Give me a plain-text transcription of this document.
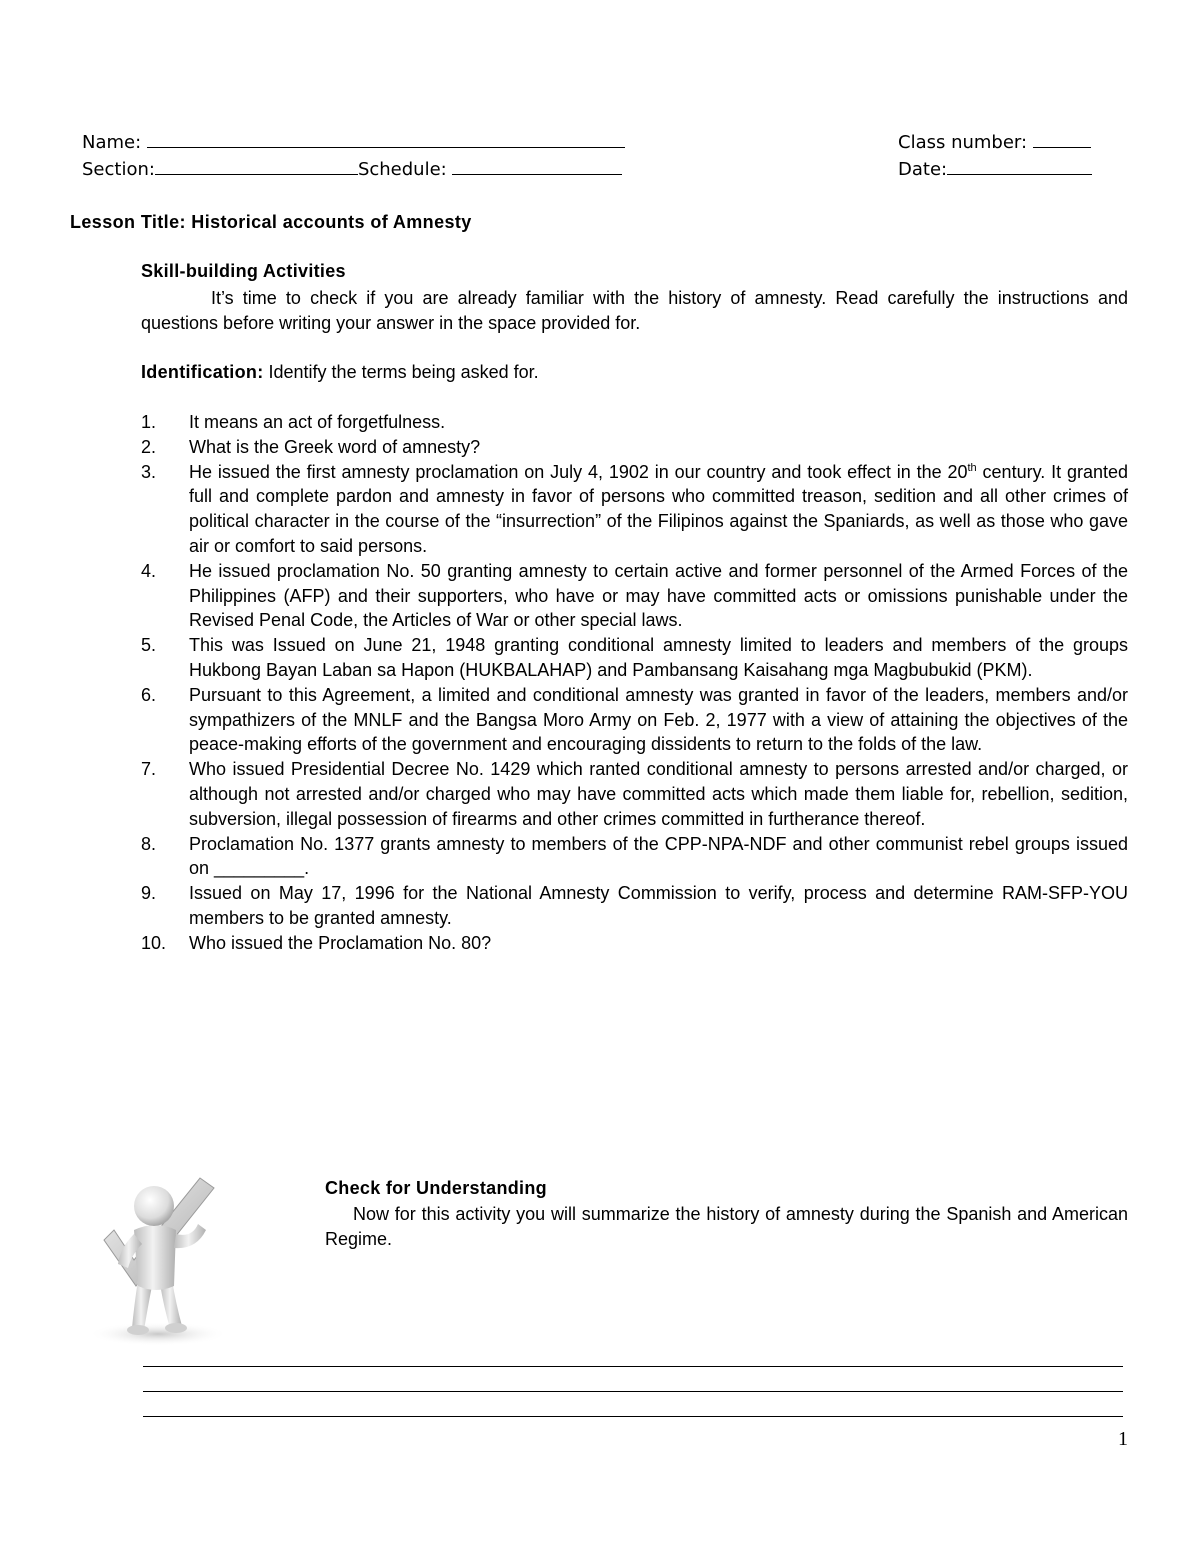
Name:
Section:	Schedule:
Class number:
Date:
Lesson Title: Historical accounts of Amnesty
Skill-building Activities
It’s time to check if you are already familiar with the history of amnesty. Read carefully the instructions and questions before writing your answer in the space provided for.
Identification: Identify the terms being asked for.
1.	It means an act of forgetfulness.
2.	What is the Greek word of amnesty?
3.	He issued the first amnesty proclamation on July 4, 1902 in our country and took effect in the 20th century. It granted full and complete pardon and amnesty in favor of persons who committed treason, sedition and all other crimes of political character in the course of the “insurrection” of the Filipinos against the Spaniards, as well as those who gave air or comfort to said persons.
4.	He issued proclamation No. 50 granting amnesty to certain active and former personnel of the Armed Forces of the Philippines (AFP) and their supporters, who have or may have committed acts or omissions punishable under the Revised Penal Code, the Articles of War or other special laws.
5.	This was Issued on June 21, 1948 granting conditional amnesty limited to leaders and members of the groups Hukbong Bayan Laban sa Hapon (HUKBALAHAP) and Pambansang Kaisahang mga Magbubukid (PKM).
6.	Pursuant to this Agreement, a limited and conditional amnesty was granted in favor of the leaders, members and/or sympathizers of the MNLF and the Bangsa Moro Army on Feb. 2, 1977 with a view of attaining the objectives of the peace-making efforts of the government and encouraging dissidents to return to the folds of the law.
7.	Who issued Presidential Decree No. 1429 which ranted conditional amnesty to persons arrested and/or charged, or although not arrested and/or charged who may have committed acts which made them liable for, rebellion, sedition, subversion, illegal possession of firearms and other crimes committed in furtherance thereof.
8.	Proclamation No. 1377 grants amnesty to members of the CPP-NPA-NDF and other communist rebel groups issued on _________.
9.	Issued on May 17, 1996 for the National Amnesty Commission to verify, process and determine RAM-SFP-YOU members to be granted amnesty.
10.	Who issued the Proclamation No. 80?
Check for Understanding
Now for this activity you will summarize the history of amnesty during the Spanish and American Regime.
1
